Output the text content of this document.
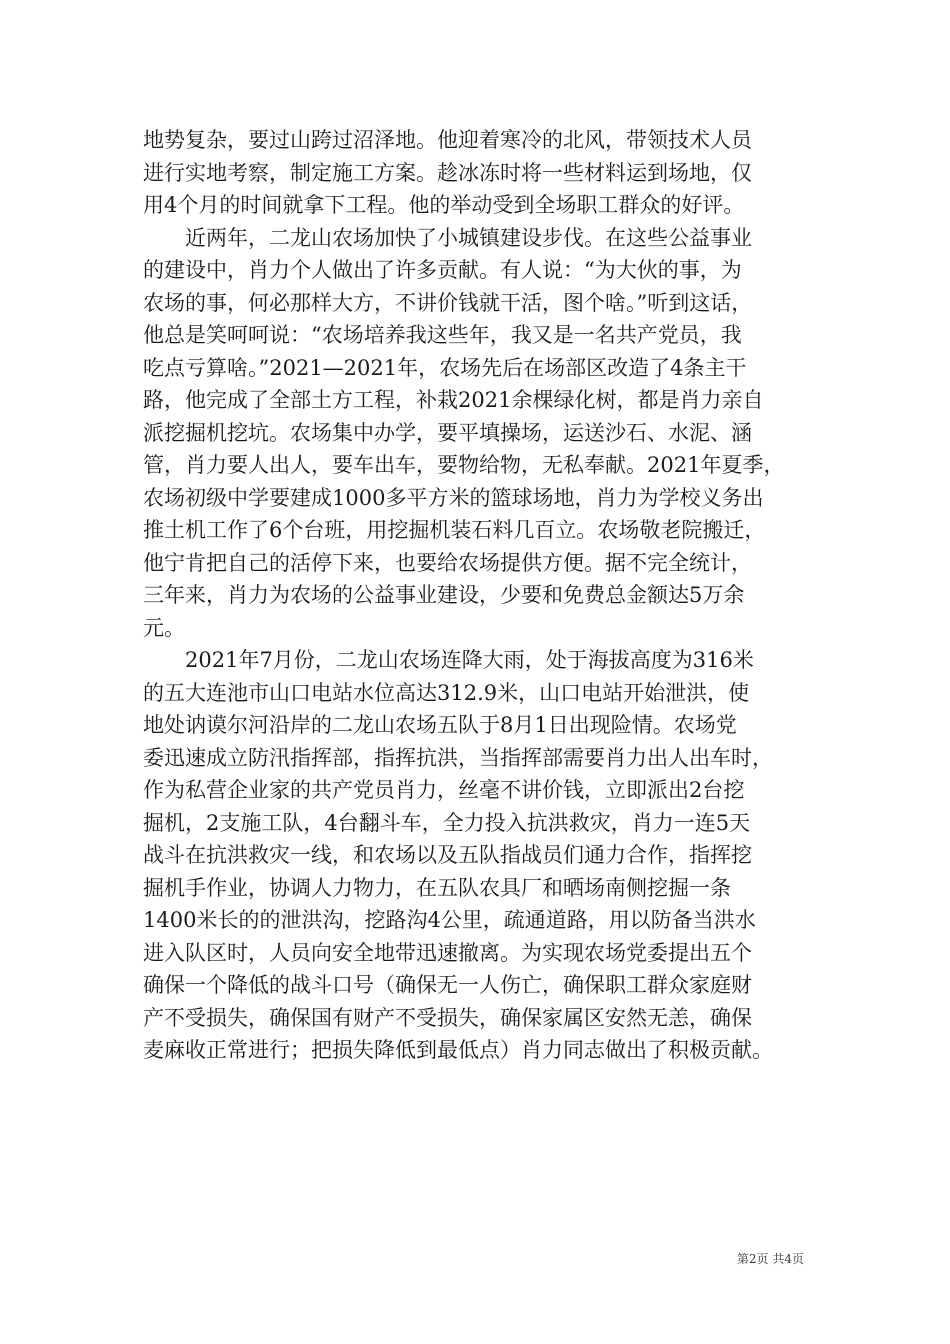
地势复杂，要过山跨过沼泽地。他迎着寒冷的北风，带领技术人员
进行实地考察，制定施工方案。趁冰冻时将一些材料运到场地，仅
用4个月的时间就拿下工程。他的举动受到全场职工群众的好评。
近两年，二龙山农场加快了小城镇建设步伐。在这些公益事业
的建设中，肖力个人做出了许多贡献。有人说：“为大伙的事，为
农场的事，何必那样大方，不讲价钱就干活，图个啥。”听到这话，
他总是笑呵呵说：“农场培养我这些年，我又是一名共产党员，我
吃点亏算啥。”2021—2021年，农场先后在场部区改造了4条主干
路，他完成了全部土方工程，补栽2021余棵绿化树，都是肖力亲自
派挖掘机挖坑。农场集中办学，要平填操场，运送沙石、水泥、涵
管，肖力要人出人，要车出车，要物给物，无私奉献。2021年夏季，
农场初级中学要建成1000多平方米的篮球场地，肖力为学校义务出
推土机工作了6个台班，用挖掘机装石料几百立。农场敬老院搬迁，
他宁肯把自己的活停下来，也要给农场提供方便。据不完全统计，
三年来，肖力为农场的公益事业建设，少要和免费总金额达5万余
元。
2021年7月份，二龙山农场连降大雨，处于海拔高度为316米
的五大连池市山口电站水位高达312.9米，山口电站开始泄洪，使
地处讷谟尔河沿岸的二龙山农场五队于8月1日出现险情。农场党
委迅速成立防汛指挥部，指挥抗洪，当指挥部需要肖力出人出车时，
作为私营企业家的共产党员肖力，丝毫不讲价钱，立即派出2台挖
掘机，2支施工队，4台翻斗车，全力投入抗洪救灾，肖力一连5天
战斗在抗洪救灾一线，和农场以及五队指战员们通力合作，指挥挖
掘机手作业，协调人力物力，在五队农具厂和晒场南侧挖掘一条
1400米长的的泄洪沟，挖路沟4公里，疏通道路，用以防备当洪水
进入队区时，人员向安全地带迅速撤离。为实现农场党委提出五个
确保一个降低的战斗口号（确保无一人伤亡，确保职工群众家庭财
产不受损失，确保国有财产不受损失，确保家属区安然无恙，确保
麦麻收正常进行；把损失降低到最低点）肖力同志做出了积极贡献。
第2页 共4页
